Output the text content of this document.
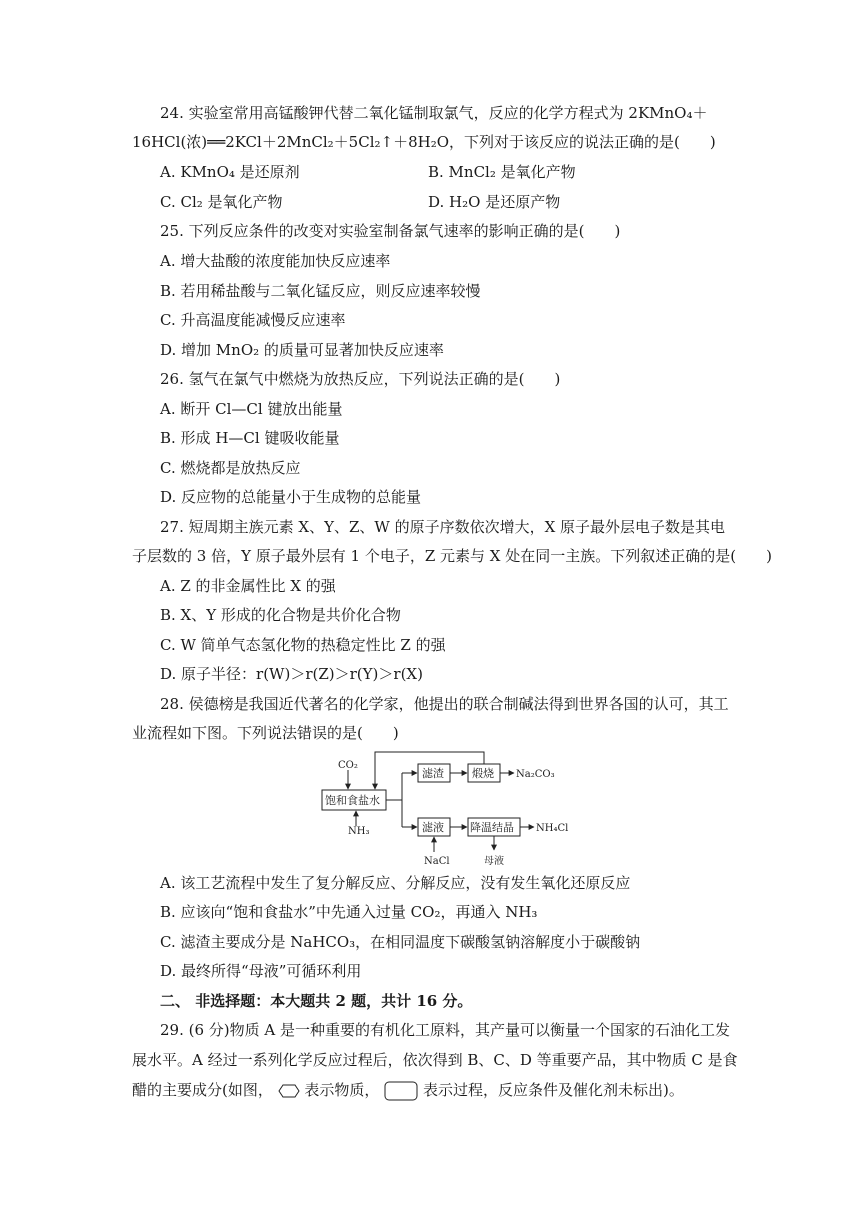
24. 实验室常用高锰酸钾代替二氧化锰制取氯气，反应的化学方程式为 2KMnO₄＋
16HCl(浓)══2KCl＋2MnCl₂＋5Cl₂↑＋8H₂O，下列对于该反应的说法正确的是(　　)
A. KMnO₄ 是还原剂	B. MnCl₂ 是氧化产物
C. Cl₂ 是氧化产物	D. H₂O 是还原产物
25. 下列反应条件的改变对实验室制备氯气速率的影响正确的是(　　)
A. 增大盐酸的浓度能加快反应速率
B. 若用稀盐酸与二氧化锰反应，则反应速率较慢
C. 升高温度能减慢反应速率
D. 增加 MnO₂ 的质量可显著加快反应速率
26. 氢气在氯气中燃烧为放热反应，下列说法正确的是(　　)
A. 断开 Cl—Cl 键放出能量
B. 形成 H—Cl 键吸收能量
C. 燃烧都是放热反应
D. 反应物的总能量小于生成物的总能量
27. 短周期主族元素 X、Y、Z、W 的原子序数依次增大，X 原子最外层电子数是其电
子层数的 3 倍，Y 原子最外层有 1 个电子，Z 元素与 X 处在同一主族。下列叙述正确的是(　　)
A. Z 的非金属性比 X 的强
B. X、Y 形成的化合物是共价化合物
C. W 简单气态氢化物的热稳定性比 Z 的强
D. 原子半径：r(W)＞r(Z)＞r(Y)＞r(X)
28. 侯德榜是我国近代著名的化学家，他提出的联合制碱法得到世界各国的认可，其工
业流程如下图。下列说法错误的是(　　)
CO₂
饱和食盐水
NH₃
滤渣	煅烧 Na₂CO₃
滤液 降温结晶 NH₄Cl
NaCl	母液
A. 该工艺流程中发生了复分解反应、分解反应，没有发生氧化还原反应
B. 应该向“饱和食盐水”中先通入过量 CO₂，再通入 NH₃
C. 滤渣主要成分是 NaHCO₃，在相同温度下碳酸氢钠溶解度小于碳酸钠
D. 最终所得“母液”可循环利用
二、 非选择题：本大题共 2 题，共计 16 分。
29. (6 分)物质 A 是一种重要的有机化工原料，其产量可以衡量一个国家的石油化工发
展水平。A 经过一系列化学反应过程后，依次得到 B、C、D 等重要产品，其中物质 C 是食
醋的主要成分(如图， 表示物质，	表示过程，反应条件及催化剂未标出)。
